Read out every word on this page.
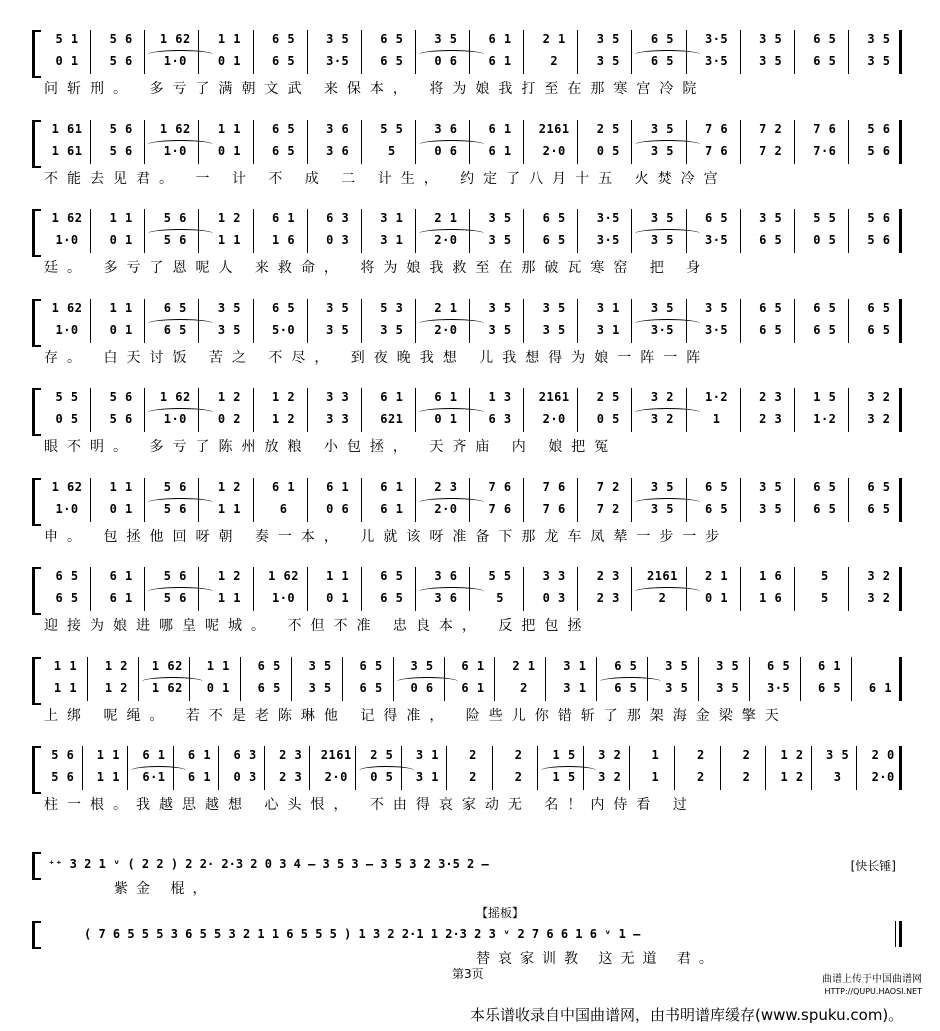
5 1	5 6	1 62	1 1	6 5	3 5	6 5	3 5	6 1	2 1	3 5	6 5	3·5	3 5	6 5	3 5
0 1	5 6	1·0	0 1	6 5	3·5	6 5	0 6	6 1	2	3 5	6 5	3·5	3 5	6 5	3 5
问斩刑。 多亏了满朝文武 来保本， 将为娘我打至在那寒宫冷院
1 61	5 6	1 62	1 1	6 5	3 6	5 5	3 6	6 1	2161	2 5	3 5	7 6	7 2	7 6	5 6
1 61	5 6	1·0	0 1	6 5	3 6	5	0 6	6 1	2·0	0 5	3 5	7 6	7 2	7·6	5 6
不能去见君。 一 计 不 成 二 计生， 约定了八月十五 火焚冷宫
1 62	1 1	5 6	1 2	6 1	6 3	3 1	2 1	3 5	6 5	3·5	3 5	6 5	3 5	5 5	5 6
1·0	0 1	5 6	1 1	1 6	0 3	3 1	2·0	3 5	6 5	3·5	3 5	3·5	6 5	0 5	5 6
廷。 多亏了恩呢人 来救命， 将为娘我救至在那破瓦寒窑 把 身
1 62	1 1	6 5	3 5	6 5	3 5	5 3	2 1	3 5	3 5	3 1	3 5	3 5	6 5	6 5	6 5
1·0	0 1	6 5	3 5	5·0	3 5	3 5	2·0	3 5	3 5	3 1	3·5	3·5	6 5	6 5	6 5
存。 白天讨饭 苦之 不尽， 到夜晚我想 儿我想得为娘一阵一阵
5 5	5 6	1 62	1 2	1 2	3 3	6 1	6 1	1 3	2161	2 5	3 2	1·2	2 3	1 5	3 2
0 5	5 6	1·0	0 2	1 2	3 3	621	0 1	6 3	2·0	0 5	3 2	1	2 3	1·2	3 2
眼不明。 多亏了陈州放粮 小包拯， 天齐庙 内 娘把冤
1 62	1 1	5 6	1 2	6 1	6 1	6 1	2 3	7 6	7 6	7 2	3 5	6 5	3 5	6 5	6 5
1·0	0 1	5 6	1 1	6	0 6	6 1	2·0	7 6	7 6	7 2	3 5	6 5	3 5	6 5	6 5
申。 包拯他回呀朝 奏一本， 儿就该呀准备下那龙车凤辇一步一步
6 5	6 1	5 6	1 2	1 62	1 1	6 5	3 6	5 5	3 3	2 3	2161	2 1	1 6	5	3 2
6 5	6 1	5 6	1 1	1·0	0 1	6 5	3 6	5	0 3	2 3	2	0 1	1 6	5	3 2
迎接为娘进哪皇呢城。 不但不准 忠良本， 反把包拯
1 1	1 2	1 62	1 1	6 5	3 5	6 5	3 5	6 1	2 1	3 1	6 5	3 5	3 5	6 5	6 1
1 1	1 2	1 62	0 1	6 5	3 5	6 5	0 6	6 1	2	3 1	6 5	3 5	3 5	3·5	6 5	6 1
上绑 呢绳。 若不是老陈琳他 记得准， 险些儿你错斩了那架海金梁擎天
5 6	1 1	6 1	6 1	6 3	2 3	2161	2 5	3 1	2	2	1 5	3 2	1	2	2	1 2	3 5	2 0
5 6	1 1	6·1	6 1	0 3	2 3	2·0	0 5	3 1	2	2	1 5	3 2	1	2	2	1 2	3	2·0
柱一根。我越思越想 心头恨， 不由得哀家动无 名！内侍看 过
⁺⁺ 3 2 1 ᵛ ( 2 2 ) 2 2· 2·3 2 0 3 4 – 3 5 3 – 3 5 3 2 3·5 2 –	[快长锤]
紫金 棍，
【摇板】
( 7 6 5 5 5 3 6 5 5 3 2 1 1 6 5 5 5 ) 1 3 2 2·1 1 2·3 2 3 ᵛ 2 7 6 6 1 6 ᵛ 1 –
替哀家训教 这无道 君。
第3页	曲谱上传于中国曲谱网
HTTP://QUPU.HAOSI.NET
本乐谱收录自中国曲谱网，由书明谱库缓存(www.spuku.com)。
